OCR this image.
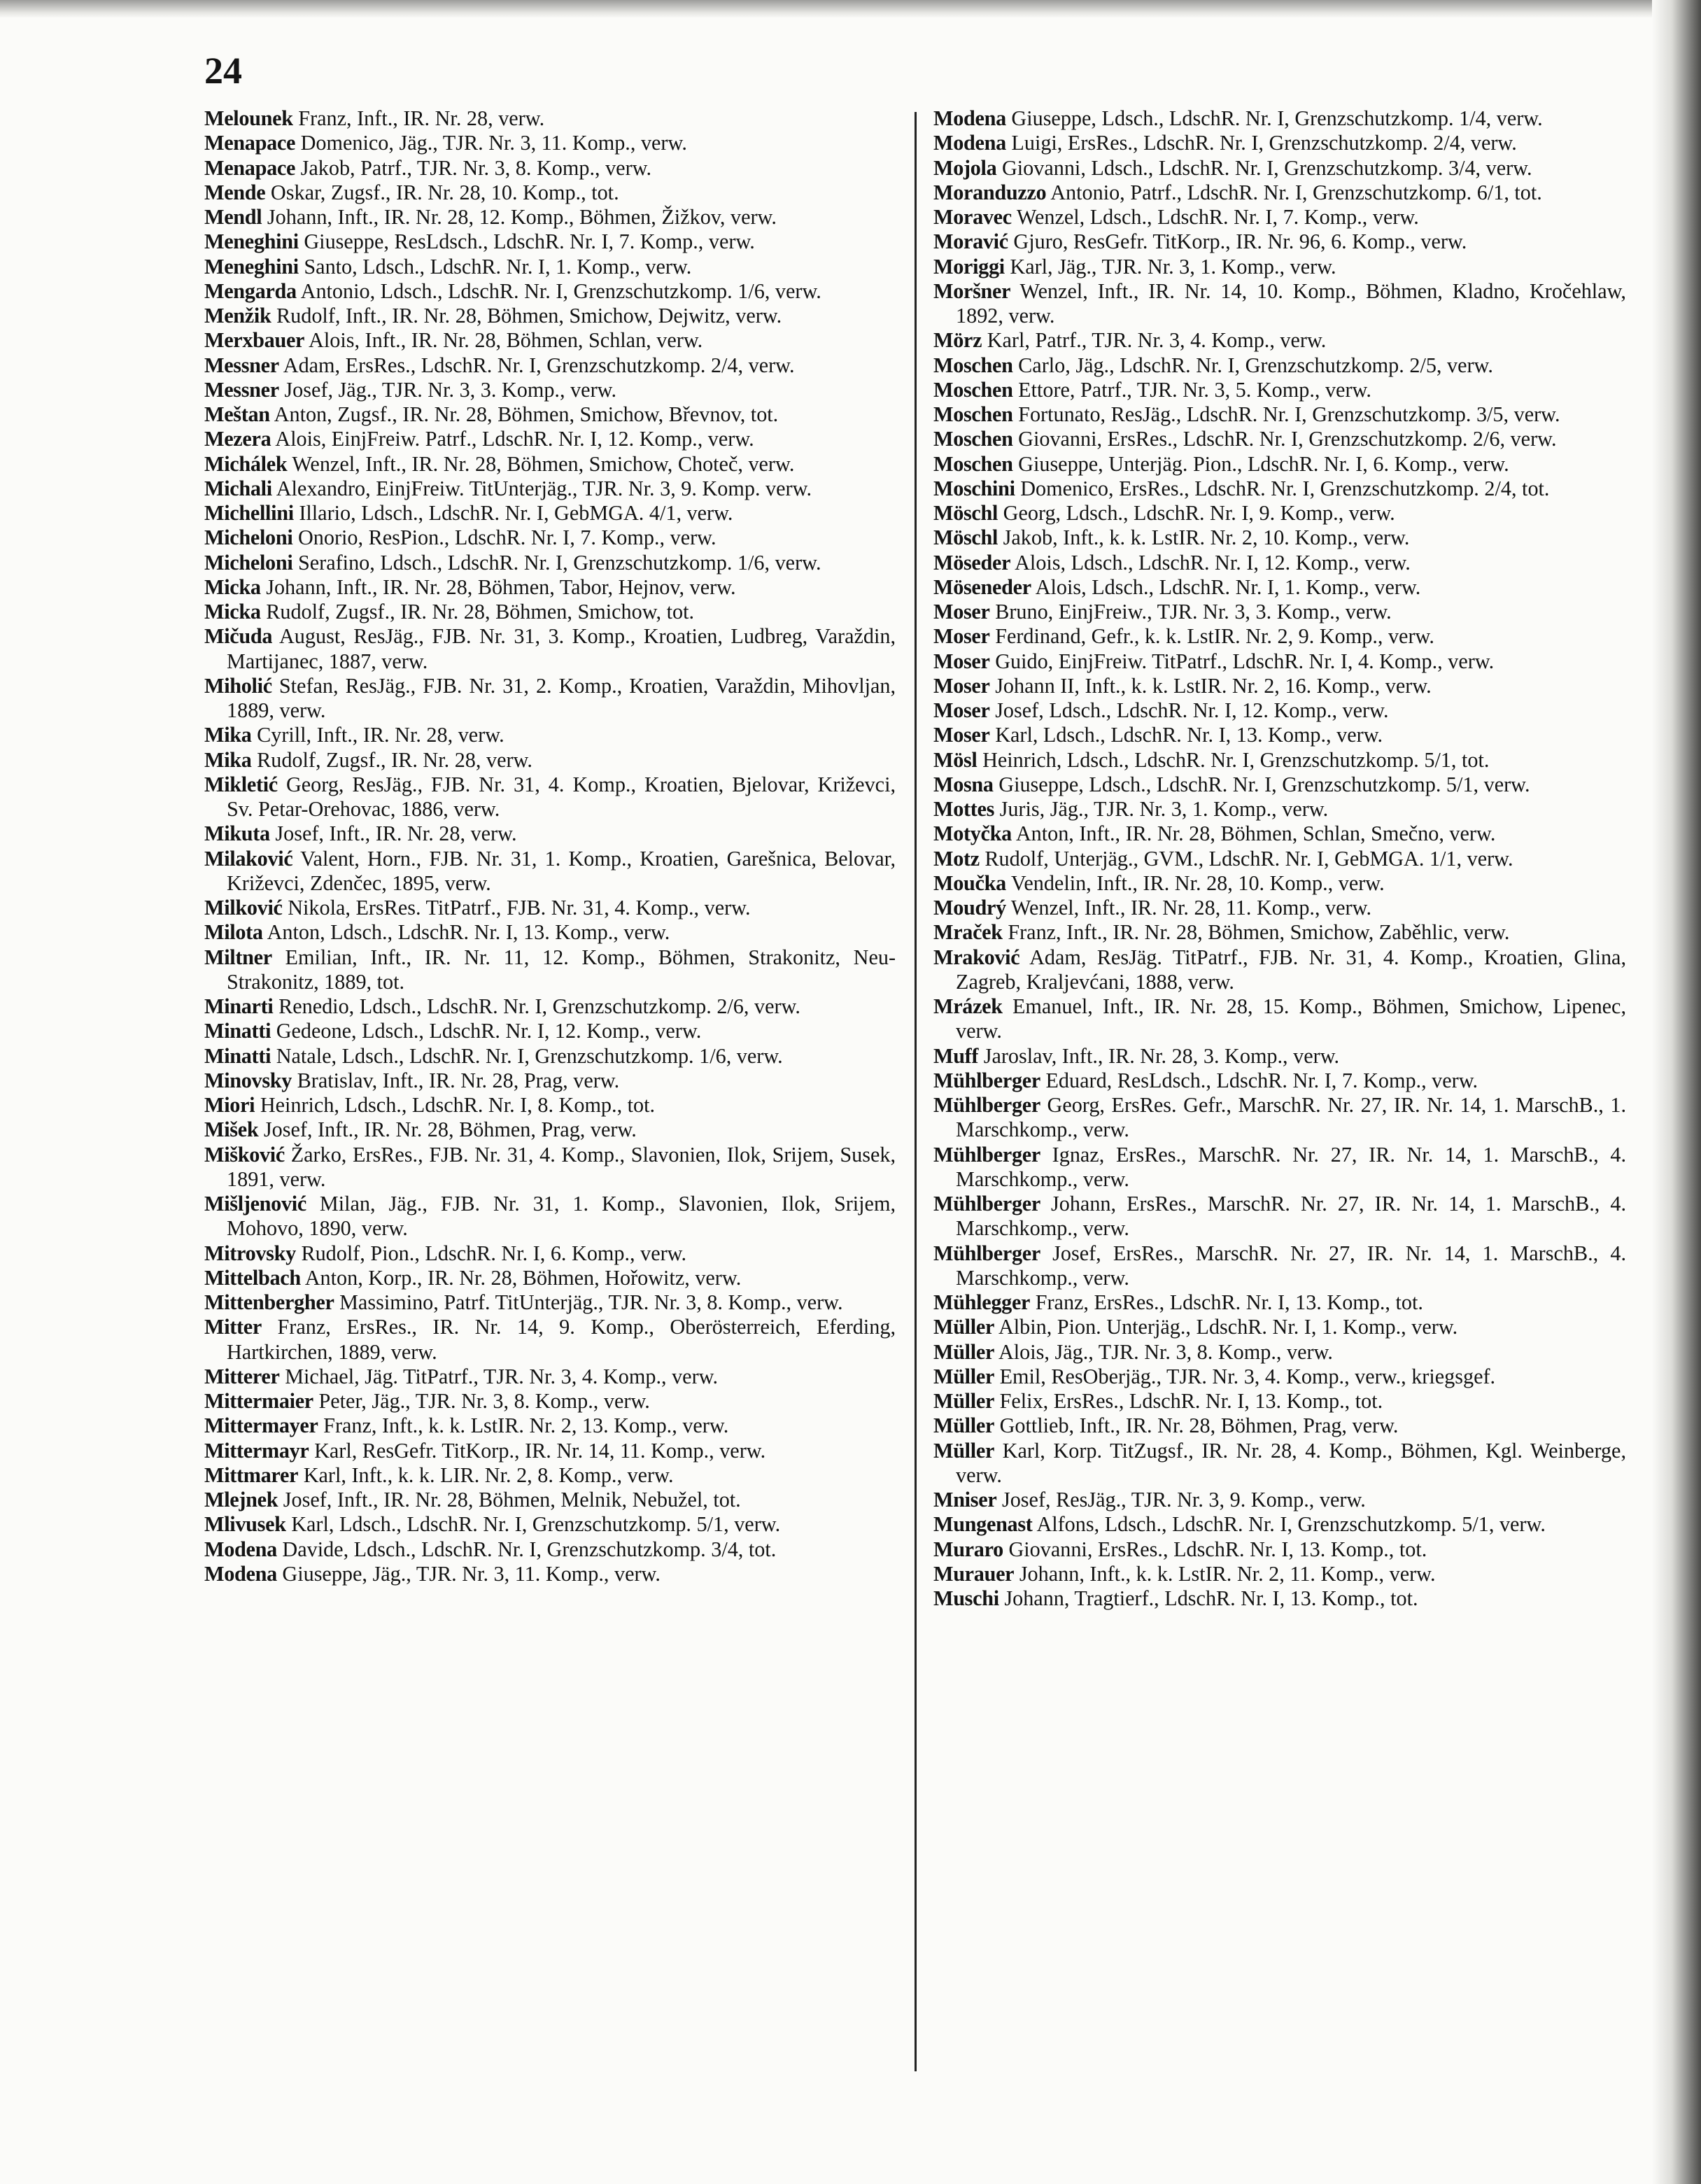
24

Melounek Franz, Inft., IR. Nr. 28, verw.

Menapace Domenico, Jäg., TJR. Nr. 3, 11. Komp., verw.

Menapace Jakob, Patrf., TJR. Nr. 3, 8. Komp., verw.

Mende Oskar, Zugsf., IR. Nr. 28, 10. Komp., tot.

Mendl Johann, Inft., IR. Nr. 28, 12. Komp., Böhmen, Žižkov, verw.

Meneghini Giuseppe, ResLdsch., LdschR. Nr. I, 7. Komp., verw.

Meneghini Santo, Ldsch., LdschR. Nr. I, 1. Komp., verw.

Mengarda Antonio, Ldsch., LdschR. Nr. I, Grenzschutzkomp. 1/6, verw.

Menžik Rudolf, Inft., IR. Nr. 28, Böhmen, Smichow, Dejwitz, verw.

Merxbauer Alois, Inft., IR. Nr. 28, Böhmen, Schlan, verw.

Messner Adam, ErsRes., LdschR. Nr. I, Grenzschutzkomp. 2/4, verw.

Messner Josef, Jäg., TJR. Nr. 3, 3. Komp., verw.

Meštan Anton, Zugsf., IR. Nr. 28, Böhmen, Smichow, Břevnov, tot.

Mezera Alois, EinjFreiw. Patrf., LdschR. Nr. I, 12. Komp., verw.

Michálek Wenzel, Inft., IR. Nr. 28, Böhmen, Smichow, Choteč, verw.

Michali Alexandro, EinjFreiw. TitUnterjäg., TJR. Nr. 3, 9. Komp. verw.

Michellini Illario, Ldsch., LdschR. Nr. I, GebMGA. 4/1, verw.

Micheloni Onorio, ResPion., LdschR. Nr. I, 7. Komp., verw.

Micheloni Serafino, Ldsch., LdschR. Nr. I, Grenzschutzkomp. 1/6, verw.

Micka Johann, Inft., IR. Nr. 28, Böhmen, Tabor, Hejnov, verw.

Micka Rudolf, Zugsf., IR. Nr. 28, Böhmen, Smichow, tot.

Mičuda August, ResJäg., FJB. Nr. 31, 3. Komp., Kroatien, Ludbreg, Varaždin, Martijanec, 1887, verw.

Miholić Stefan, ResJäg., FJB. Nr. 31, 2. Komp., Kroatien, Varaždin, Mihovljan, 1889, verw.

Mika Cyrill, Inft., IR. Nr. 28, verw.

Mika Rudolf, Zugsf., IR. Nr. 28, verw.

Mikletić Georg, ResJäg., FJB. Nr. 31, 4. Komp., Kroatien, Bjelovar, Križevci, Sv. Petar-Orehovac, 1886, verw.

Mikuta Josef, Inft., IR. Nr. 28, verw.

Milaković Valent, Horn., FJB. Nr. 31, 1. Komp., Kroatien, Garešnica, Belovar, Križevci, Zdenčec, 1895, verw.

Milković Nikola, ErsRes. TitPatrf., FJB. Nr. 31, 4. Komp., verw.

Milota Anton, Ldsch., LdschR. Nr. I, 13. Komp., verw.

Miltner Emilian, Inft., IR. Nr. 11, 12. Komp., Böhmen, Strakonitz, Neu-Strakonitz, 1889, tot.

Minarti Renedio, Ldsch., LdschR. Nr. I, Grenzschutzkomp. 2/6, verw.

Minatti Gedeone, Ldsch., LdschR. Nr. I, 12. Komp., verw.

Minatti Natale, Ldsch., LdschR. Nr. I, Grenzschutzkomp. 1/6, verw.

Minovsky Bratislav, Inft., IR. Nr. 28, Prag, verw.

Miori Heinrich, Ldsch., LdschR. Nr. I, 8. Komp., tot.

Mišek Josef, Inft., IR. Nr. 28, Böhmen, Prag, verw.

Mišković Žarko, ErsRes., FJB. Nr. 31, 4. Komp., Slavonien, Ilok, Srijem, Susek, 1891, verw.

Mišljenović Milan, Jäg., FJB. Nr. 31, 1. Komp., Slavonien, Ilok, Srijem, Mohovo, 1890, verw.

Mitrovsky Rudolf, Pion., LdschR. Nr. I, 6. Komp., verw.

Mittelbach Anton, Korp., IR. Nr. 28, Böhmen, Hořowitz, verw.

Mittenbergher Massimino, Patrf. TitUnterjäg., TJR. Nr. 3, 8. Komp., verw.

Mitter Franz, ErsRes., IR. Nr. 14, 9. Komp., Oberösterreich, Eferding, Hartkirchen, 1889, verw.

Mitterer Michael, Jäg. TitPatrf., TJR. Nr. 3, 4. Komp., verw.

Mittermaier Peter, Jäg., TJR. Nr. 3, 8. Komp., verw.

Mittermayer Franz, Inft., k. k. LstIR. Nr. 2, 13. Komp., verw.

Mittermayr Karl, ResGefr. TitKorp., IR. Nr. 14, 11. Komp., verw.

Mittmarer Karl, Inft., k. k. LIR. Nr. 2, 8. Komp., verw.

Mlejnek Josef, Inft., IR. Nr. 28, Böhmen, Melnik, Nebužel, tot.

Mlivusek Karl, Ldsch., LdschR. Nr. I, Grenzschutzkomp. 5/1, verw.

Modena Davide, Ldsch., LdschR. Nr. I, Grenzschutzkomp. 3/4, tot.

Modena Giuseppe, Jäg., TJR. Nr. 3, 11. Komp., verw.

Modena Giuseppe, Ldsch., LdschR. Nr. I, Grenzschutzkomp. 1/4, verw.

Modena Luigi, ErsRes., LdschR. Nr. I, Grenzschutzkomp. 2/4, verw.

Mojola Giovanni, Ldsch., LdschR. Nr. I, Grenzschutzkomp. 3/4, verw.

Moranduzzo Antonio, Patrf., LdschR. Nr. I, Grenzschutzkomp. 6/1, tot.

Moravec Wenzel, Ldsch., LdschR. Nr. I, 7. Komp., verw.

Moravić Gjuro, ResGefr. TitKorp., IR. Nr. 96, 6. Komp., verw.

Moriggi Karl, Jäg., TJR. Nr. 3, 1. Komp., verw.

Moršner Wenzel, Inft., IR. Nr. 14, 10. Komp., Böhmen, Kladno, Kročehlaw, 1892, verw.

Mörz Karl, Patrf., TJR. Nr. 3, 4. Komp., verw.

Moschen Carlo, Jäg., LdschR. Nr. I, Grenzschutzkomp. 2/5, verw.

Moschen Ettore, Patrf., TJR. Nr. 3, 5. Komp., verw.

Moschen Fortunato, ResJäg., LdschR. Nr. I, Grenzschutzkomp. 3/5, verw.

Moschen Giovanni, ErsRes., LdschR. Nr. I, Grenzschutzkomp. 2/6, verw.

Moschen Giuseppe, Unterjäg. Pion., LdschR. Nr. I, 6. Komp., verw.

Moschini Domenico, ErsRes., LdschR. Nr. I, Grenzschutzkomp. 2/4, tot.

Möschl Georg, Ldsch., LdschR. Nr. I, 9. Komp., verw.

Möschl Jakob, Inft., k. k. LstIR. Nr. 2, 10. Komp., verw.

Möseder Alois, Ldsch., LdschR. Nr. I, 12. Komp., verw.

Möseneder Alois, Ldsch., LdschR. Nr. I, 1. Komp., verw.

Moser Bruno, EinjFreiw., TJR. Nr. 3, 3. Komp., verw.

Moser Ferdinand, Gefr., k. k. LstIR. Nr. 2, 9. Komp., verw.

Moser Guido, EinjFreiw. TitPatrf., LdschR. Nr. I, 4. Komp., verw.

Moser Johann II, Inft., k. k. LstIR. Nr. 2, 16. Komp., verw.

Moser Josef, Ldsch., LdschR. Nr. I, 12. Komp., verw.

Moser Karl, Ldsch., LdschR. Nr. I, 13. Komp., verw.

Mösl Heinrich, Ldsch., LdschR. Nr. I, Grenzschutzkomp. 5/1, tot.

Mosna Giuseppe, Ldsch., LdschR. Nr. I, Grenzschutzkomp. 5/1, verw.

Mottes Juris, Jäg., TJR. Nr. 3, 1. Komp., verw.

Motyčka Anton, Inft., IR. Nr. 28, Böhmen, Schlan, Smečno, verw.

Motz Rudolf, Unterjäg., GVM., LdschR. Nr. I, GebMGA. 1/1, verw.

Moučka Vendelin, Inft., IR. Nr. 28, 10. Komp., verw.

Moudrý Wenzel, Inft., IR. Nr. 28, 11. Komp., verw.

Mraček Franz, Inft., IR. Nr. 28, Böhmen, Smichow, Zaběhlic, verw.

Mraković Adam, ResJäg. TitPatrf., FJB. Nr. 31, 4. Komp., Kroatien, Glina, Zagreb, Kraljevćani, 1888, verw.

Mrázek Emanuel, Inft., IR. Nr. 28, 15. Komp., Böhmen, Smichow, Lipenec, verw.

Muff Jaroslav, Inft., IR. Nr. 28, 3. Komp., verw.

Mühlberger Eduard, ResLdsch., LdschR. Nr. I, 7. Komp., verw.

Mühlberger Georg, ErsRes. Gefr., MarschR. Nr. 27, IR. Nr. 14, 1. MarschB., 1. Marschkomp., verw.

Mühlberger Ignaz, ErsRes., MarschR. Nr. 27, IR. Nr. 14, 1. MarschB., 4. Marschkomp., verw.

Mühlberger Johann, ErsRes., MarschR. Nr. 27, IR. Nr. 14, 1. MarschB., 4. Marschkomp., verw.

Mühlberger Josef, ErsRes., MarschR. Nr. 27, IR. Nr. 14, 1. MarschB., 4. Marschkomp., verw.

Mühlegger Franz, ErsRes., LdschR. Nr. I, 13. Komp., tot.

Müller Albin, Pion. Unterjäg., LdschR. Nr. I, 1. Komp., verw.

Müller Alois, Jäg., TJR. Nr. 3, 8. Komp., verw.

Müller Emil, ResOberjäg., TJR. Nr. 3, 4. Komp., verw., kriegsgef.

Müller Felix, ErsRes., LdschR. Nr. I, 13. Komp., tot.

Müller Gottlieb, Inft., IR. Nr. 28, Böhmen, Prag, verw.

Müller Karl, Korp. TitZugsf., IR. Nr. 28, 4. Komp., Böhmen, Kgl. Weinberge, verw.

Mniser Josef, ResJäg., TJR. Nr. 3, 9. Komp., verw.

Mungenast Alfons, Ldsch., LdschR. Nr. I, Grenzschutzkomp. 5/1, verw.

Muraro Giovanni, ErsRes., LdschR. Nr. I, 13. Komp., tot.

Murauer Johann, Inft., k. k. LstIR. Nr. 2, 11. Komp., verw.

Muschi Johann, Tragtierf., LdschR. Nr. I, 13. Komp., tot.
